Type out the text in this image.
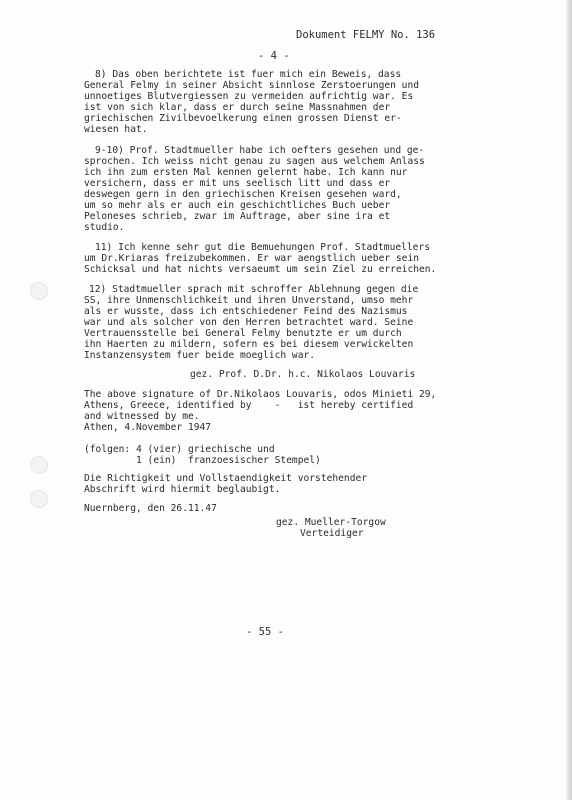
Dokument FELMY No. 136
- 4 -
8) Das oben berichtete ist fuer mich ein Beweis, dass
General Felmy in seiner Absicht sinnlose Zerstoerungen und
unnoetiges Blutvergiessen zu vermeiden aufrichtig war. Es
ist von sich klar, dass er durch seine Massnahmen der
griechischen Zivilbevoelkerung einen grossen Dienst er-
wiesen hat.
9-10) Prof. Stadtmueller habe ich oefters gesehen und ge-
sprochen. Ich weiss nicht genau zu sagen aus welchem Anlass
ich ihn zum ersten Mal kennen gelernt habe. Ich kann nur
versichern, dass er mit uns seelisch litt und dass er
deswegen gern in den griechischen Kreisen gesehen ward,
um so mehr als er auch ein geschichtliches Buch ueber
Peloneses schrieb, zwar im Auftrage, aber sine ira et
studio.
11) Ich kenne sehr gut die Bemuehungen Prof. Stadtmuellers
um Dr.Kriaras freizubekommen. Er war aengstlich ueber sein
Schicksal und hat nichts versaeumt um sein Ziel zu erreichen.
12) Stadtmueller sprach mit schroffer Ablehnung gegen die
SS, ihre Unmenschlichkeit und ihren Unverstand, umso mehr
als er wusste, dass ich entschiedener Feind des Nazismus
war und als solcher von den Herren betrachtet ward. Seine
Vertrauensstelle bei General Felmy benutzte er um durch
ihn Haerten zu mildern, sofern es bei diesem verwickelten
Instanzensystem fuer beide moeglich war.
gez. Prof. D.Dr. h.c. Nikolaos Louvaris
The above signature of Dr.Nikolaos Louvaris, odos Minieti 29,
Athens, Greece, identified by    -   ist hereby certified
and witnessed by me.
Athen, 4.November 1947
(folgen: 4 (vier) griechische und
1 (ein)  franzoesischer Stempel)
Die Richtigkeit und Vollstaendigkeit vorstehender
Abschrift wird hiermit beglaubigt.
Nuernberg, den 26.11.47
gez. Mueller-Torgow
Verteidiger
- 55 -
